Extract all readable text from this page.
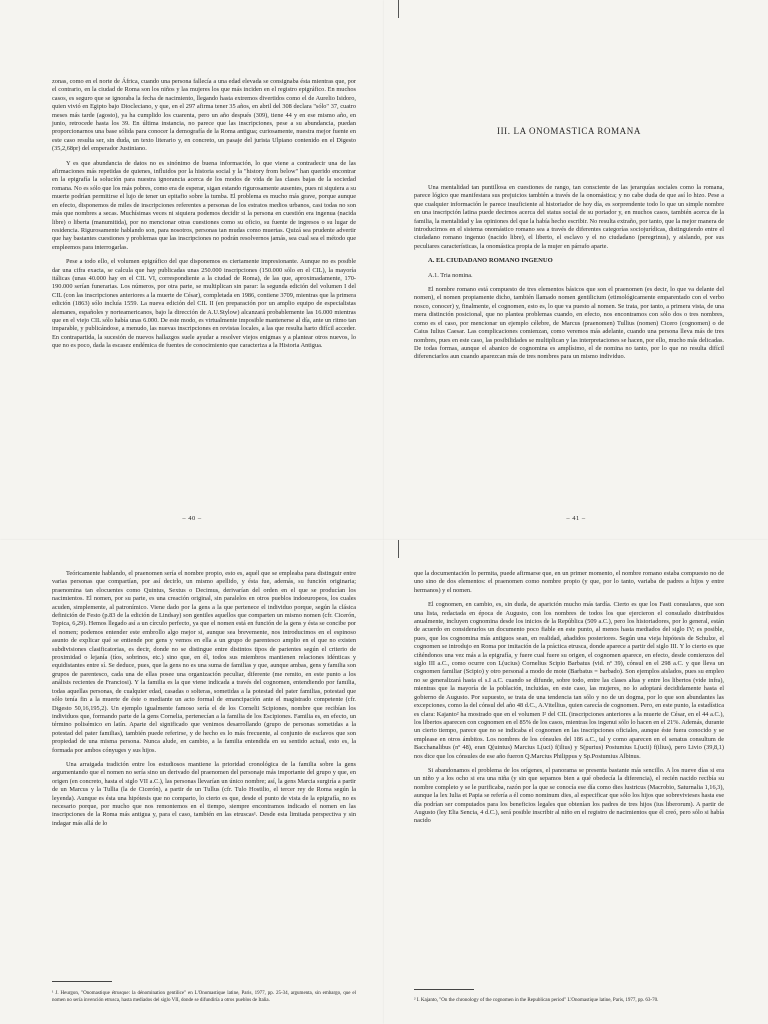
zonas, como en el norte de África, cuando una persona fallecía a una edad elevada se consignaba ésta mientras que, por el contrario, en la ciudad de Roma son los niños y las mujeres los que más inciden en el registro epigráfico. En muchos casos, es seguro que se ignoraba la fecha de nacimiento, llegando hasta extremos divertidos como el de Aurelio Isidoro, quien vivió en Egipto bajo Diocleciano, y que, en el 297 afirma tener 35 años, en abril del 308 declara "sólo" 37, cuatro meses más tarde (agosto), ya ha cumplido los cuarenta, pero un año después (309), tiene 44 y en ese mismo año, en junio, retrocede hasta los 39. En última instancia, no parece que las inscripciones, pese a su abundancia, puedan proporcionarnos una base sólida para conocer la demografía de la Roma antigua; curiosamente, nuestra mejor fuente en este caso resulta ser, sin duda, un texto literario y, en concreto, un pasaje del jurista Ulpiano contenido en el Digesto (35,2,68pr) del emperador Justiniano.

Y es que abundancia de datos no es sinónimo de buena información, lo que viene a contradecir una de las afirmaciones más repetidas de quienes, influidos por la historia social y la "history from below" han querido encontrar en la epigrafía la solución para nuestra ignorancia acerca de los modos de vida de las clases bajas de la sociedad romana. No es sólo que los más pobres, como era de esperar, sigan estando rigurosamente ausentes, pues ni siquiera a su muerte podrían permitirse el lujo de tener un epitafio sobre la tumba. El problema es mucho más grave, porque aunque en efecto, disponemos de miles de inscripciones referentes a personas de los estratos medios urbanos, casi todas no son más que nombres a secas. Muchísimas veces ni siquiera podemos decidir si la persona en cuestión era ingenua (nacida libre) o liberta (manumitida), por no mencionar otras cuestiones como su oficio, su fuente de ingresos o su lugar de residencia. Rigurosamente hablando son, para nosotros, personas tan mudas como muertas. Quizá sea prudente advertir que hay bastantes cuestiones y problemas que las inscripciones no podrán resolvernos jamás, sea cual sea el método que empleemos para interrogarlas.

Pese a todo ello, el volumen epigráfico del que disponemos es ciertamente impresionante. Aunque no es posible dar una cifra exacta, se calcula que hay publicadas unas 250.000 inscripciones (150.000 sólo en el CIL), la mayoría itálicas (unas 40.000 hay en el CIL VI, correspondiente a la ciudad de Roma), de las que, aproximadamente, 170-190.000 serían funerarias. Los números, por otra parte, se multiplican sin parar: la segunda edición del volumen I del CIL (con las inscripciones anteriores a la muerte de César), completada en 1986, contiene 3709, mientras que la primera edición (1863) sólo incluía 1559. La nueva edición del CIL II (en preparación por un amplio equipo de especialistas alemanes, españoles y norteamericanos, bajo la dirección de A.U.Stylow) alcanzará probablemente las 16.000 mientras que en el viejo CIL sólo había unas 6.000. De este modo, es virtualmente imposible mantenerse al día, ante un ritmo tan imparable, y publicándose, a menudo, las nuevas inscripciones en revistas locales, a las que resulta harto difícil acceder. En contrapartida, la sucesión de nuevos hallazgos suele ayudar a resolver viejos enigmas y a plantear otros nuevos, lo que no es poco, dada la escasez endémica de fuentes de conocimiento que caracteriza a la Historia Antigua.

– 40 –
III. LA ONOMASTICA ROMANA

Una mentalidad tan puntillosa en cuestiones de rango, tan consciente de las jerarquías sociales como la romana, parece lógico que manifestara sus prejuicios también a través de la onomástica; y no cabe duda de que así lo hizo. Pese a que cualquier información le parece insuficiente al historiador de hoy día, es sorprendente todo lo que un simple nombre en una inscripción latina puede decirnos acerca del status social de su portador y, en muchos casos, también acerca de la familia, la mentalidad y las opiniones del que la había hecho escribir. No resulta extraño, por tanto, que la mejor manera de introducirnos en el sistema onomástico romano sea a través de diferentes categorías sociojurídicas, distinguiendo entre el ciudadano romano ingenuo (nacido libre), el liberto, el esclavo y el no ciudadano (peregrinus), y aislando, por sus peculiares características, la onomástica propia de la mujer en párrafo aparte.

A. EL CIUDADANO ROMANO INGENUO

A.1. Tria nomina.

El nombre romano está compuesto de tres elementos básicos que son el praenomen (es decir, lo que va delante del nomen), el nomen propiamente dicho, también llamado nomen gentilicium (etimológicamente emparentado con el verbo nosco, conocer) y, finalmente, el cognomen, esto es, lo que va puesto al nomen. Se trata, por tanto, a primera vista, de una mera distinción posicional, que no plantea problemas cuando, en efecto, nos encontramos con sólo dos o tres nombres, como es el caso, por mencionar un ejemplo célebre, de Marcus (praenomen) Tullius (nomen) Cicero (cognomen) o de Caius Iulius Caesar. Las complicaciones comienzan, como veremos más adelante, cuando una persona lleva más de tres nombres, pues en este caso, las posibilidades se multiplican y las interpretaciones se hacen, por ello, mucho más delicadas. De todas formas, aunque el abanico de cognomina es amplísimo, el de nomina no tanto, por lo que no resulta difícil diferenciarlos aun cuando aparezcan más de tres nombres para un mismo individuo.

– 41 –

Teóricamente hablando, el praenomen sería el nombre propio, esto es, aquél que se empleaba para distinguir entre varias personas que compartían, por así decirlo, un mismo apellido, y ésta fue, además, su función originaria; praenomina tan elocuentes como Quintus, Sextus o Decimus, derivarían del orden en el que se producían los nacimientos. El nomen, por su parte, es una creación original, sin paralelos en otros pueblos indoeuropeos, los cuales acuden, simplemente, al patronímico. Viene dado por la gens a la que pertenece el individuo porque, según la clásica definición de Festo (p.83 de la edición de Lindsay) son gentiles aquellos que comparten un mismo nomen (cfr. Cicerón, Topica, 6,29). Hemos llegado así a un círculo perfecto, ya que el nomen está en función de la gens y ésta se concibe por el nomen; podemos entender este embrollo algo mejor si, aunque sea brevemente, nos introducimos en el espinoso asunto de explicar qué se entiende por gens y vemos en ella a un grupo de parentesco amplio en el que no existen subdivisiones clasificatorias, es decir, donde no se distingue entre distintos tipos de parientes según el criterio de proximidad o lejanía (tíos, sobrinos, etc.) sino que, en él, todos sus miembros mantienen relaciones idénticas y equidistantes entre sí. Se deduce, pues, que la gens no es una suma de familias y que, aunque ambas, gens y familia son grupos de parentesco, cada una de ellas posee una organización peculiar, diferente (me remito, en este punto a los análisis recientes de Franciosi). Y la familia es la que viene indicada a través del cognomen, entendiendo por familia, todas aquellas personas, de cualquier edad, casadas o solteras, sometidas a la potestad del pater familias, potestad que sólo tenía fin a la muerte de éste o mediante un acto formal de emancipación ante el magistrado competente (cfr. Digesto 50,16,195,2). Un ejemplo igualmente famoso sería el de los Cornelii Scipiones, nombre que recibían los individuos que, formando parte de la gens Cornelia, pertenecían a la familia de los Escipiones. Familia es, en efecto, un término polisémico en latín. Aparte del significado que venimos desarrollando (grupo de personas sometidas a la potestad del pater familias), también puede referirse, y de hecho es lo más frecuente, al conjunto de esclavos que son propiedad de una misma persona. Nunca alude, en cambio, a la familia entendida en su sentido actual, esto es, la formada por ambos cónyuges y sus hijos.

Una arraigada tradición entre los estudiosos mantiene la prioridad cronológica de la familia sobre la gens argumentando que el nomen no sería sino un derivado del praenomen del personaje más importante del grupo y que, en origen (en concreto, hasta el siglo VII a.C.), las personas llevarían un único nombre; así, la gens Marcia surgiría a partir de un Marcus y la Tullia (la de Cicerón), a partir de un Tullus (cfr. Tulo Hostilio, el tercer rey de Roma según la leyenda). Aunque es ésta una hipótesis que no comparto, lo cierto es que, desde el punto de vista de la epigrafía, no es necesario porque, por mucho que nos remontemos en el tiempo, siempre encontramos indicado el nomen en las inscripciones de la Roma más antigua y, para el caso, también en las etruscas¹. Desde esta limitada perspectiva y sin indagar más allá de lo

¹ J. Heurgon, "Onomastique étrusque: la dénomination gentilice" en L'Onomastique latine, Paris, 1977, pp. 25-34, argumenta, sin embargo, que el nomen no sería invención etrusca, hasta mediados del siglo VII, donde se difundiría a otros pueblos de Italia.

que la documentación lo permita, puede afirmarse que, en un primer momento, el nombre romano estaba compuesto no de uno sino de dos elementos: el praenomen como nombre propio (y que, por lo tanto, variaba de padres a hijos y entre hermanos) y el nomen.

El cognomen, en cambio, es, sin duda, de aparición mucho más tardía. Cierto es que los Fasti consulares, que son una lista, redactada en época de Augusto, con los nombres de todos los que ejercieron el consulado distribuidos anualmente, incluyen cognomina desde los inicios de la República (509 a.C.), pero los historiadores, por lo general, están de acuerdo en considerarlos un documento poco fiable en este punto, al menos hasta mediados del siglo IV; es posible, pues, que los cognomina más antiguos sean, en realidad, añadidos posteriores. Según una vieja hipótesis de Schulze, el cognomen se introdujo en Roma por imitación de la práctica etrusca, donde aparece a partir del siglo III. Y lo cierto es que ciñéndonos una vez más a la epigrafía, y fuere cual fuere su origen, el cognomen aparece, en efecto, desde comienzos del siglo III a.C., como ocurre con L(ucius) Cornelius Scipio Barbatus (vid. nº 39), cónsul en el 298 a.C. y que lleva un cognomen familiar (Scipio) y otro personal a modo de mote (Barbatus = barbado). Son ejemplos aislados, pues su empleo no se generalizará hasta el s.I a.C. cuando se difunde, sobre todo, entre las clases altas y entre los libertos (vide infra), mientras que la mayoría de la población, incluidas, en este caso, las mujeres, no lo adoptará decididamente hasta el gobierno de Augusto. Por supuesto, se trata de una tendencia tan sólo y no de un dogma, por lo que son abundantes las excepciones, como la del cónsul del año 48 d.C., A.Vitellius, quien carecía de cognomen. Pero, en este punto, la estadística es clara: Kajanto² ha mostrado que en el volumen I² del CIL (inscripciones anteriores a la muerte de César, en el 44 a.C.), los libertos aparecen con cognomen en el 85% de los casos, mientras los ingenui sólo lo hacen en el 21%. Además, durante un cierto tiempo, parece que no se indicaba el cognomen en las inscripciones oficiales, aunque éste fuera conocido y se emplease en otros ámbitos. Los nombres de los cónsules del 186 a.C., tal y como aparecen en el senatus consultum de Bacchanalibus (nº 48), eran Q(uintus) Marcius L(uci) f(ilius) y S(purius) Postumius L(ucii) f(ilius), pero Livio (39,8,1) nos dice que los cónsules de ese año fueron Q.Marcius Philippus y Sp.Postumius Albinus.

Si abandonamos el problema de los orígenes, el panorama se presenta bastante más sencillo. A los nueve días si era un niño y a los ocho si era una niña (y sin que sepamos bien a qué obedecía la diferencia), el recién nacido recibía su nombre completo y se le purificaba, razón por la que se conocía ese día como dies lustricus (Macrobio, Saturnalia 1,16,3), aunque la lex Iulia et Papia se refería a él como nominum dies, al especificar que sólo los hijos que sobrevivieses hasta ese día podrían ser computados para los beneficios legales que obtenían los padres de tres hijos (ius liberorum). A partir de Augusto (ley Elia Sencia, 4 d.C.), será posible inscribir al niño en el registro de nacimientos que él creó, pero sólo si había nacido

² I. Kajanto, "On the chronology of the cognomen in the Republican period" L'Onomastique latine, Paris, 1977, pp. 63-70.
